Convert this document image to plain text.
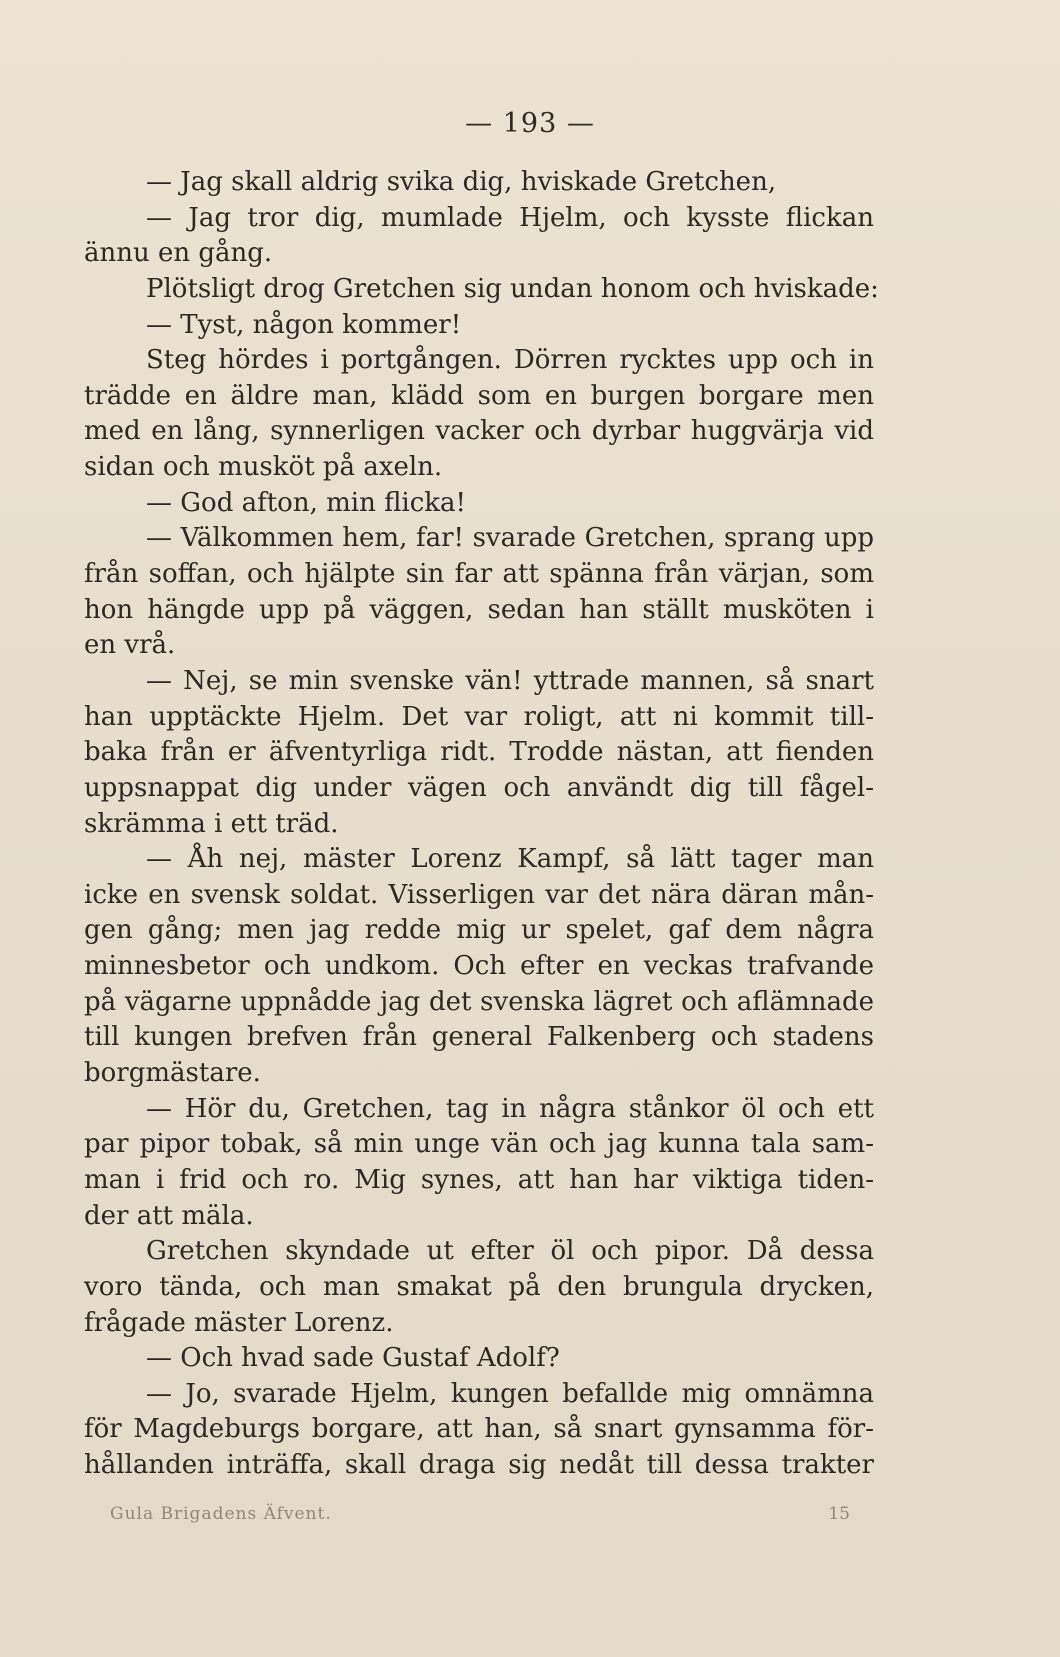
— 193 —
— Jag skall aldrig svika dig, hviskade Gretchen,
— Jag tror dig, mumlade Hjelm, och kysste flickan
ännu en gång.
Plötsligt drog Gretchen sig undan honom och hviskade:
— Tyst, någon kommer!
Steg hördes i portgången. Dörren rycktes upp och in
trädde en äldre man, klädd som en burgen borgare men
med en lång, synnerligen vacker och dyrbar huggvärja vid
sidan och musköt på axeln.
— God afton, min flicka!
— Välkommen hem, far! svarade Gretchen, sprang upp
från soffan, och hjälpte sin far att spänna från värjan, som
hon hängde upp på väggen, sedan han ställt musköten i
en vrå.
— Nej, se min svenske vän! yttrade mannen, så snart
han upptäckte Hjelm. Det var roligt, att ni kommit till-
baka från er äfventyrliga ridt. Trodde nästan, att fienden
uppsnappat dig under vägen och användt dig till fågel-
skrämma i ett träd.
— Åh nej, mäster Lorenz Kampf, så lätt tager man
icke en svensk soldat. Visserligen var det nära däran mån-
gen gång; men jag redde mig ur spelet, gaf dem några
minnesbetor och undkom. Och efter en veckas trafvande
på vägarne uppnådde jag det svenska lägret och aflämnade
till kungen brefven från general Falkenberg och stadens
borgmästare.
— Hör du, Gretchen, tag in några stånkor öl och ett
par pipor tobak, så min unge vän och jag kunna tala sam-
man i frid och ro. Mig synes, att han har viktiga tiden-
der att mäla.
Gretchen skyndade ut efter öl och pipor. Då dessa
voro tända, och man smakat på den brungula drycken,
frågade mäster Lorenz.
— Och hvad sade Gustaf Adolf?
— Jo, svarade Hjelm, kungen befallde mig omnämna
för Magdeburgs borgare, att han, så snart gynsamma för-
hållanden inträffa, skall draga sig nedåt till dessa trakter
Gula Brigadens Äfvent.	15
